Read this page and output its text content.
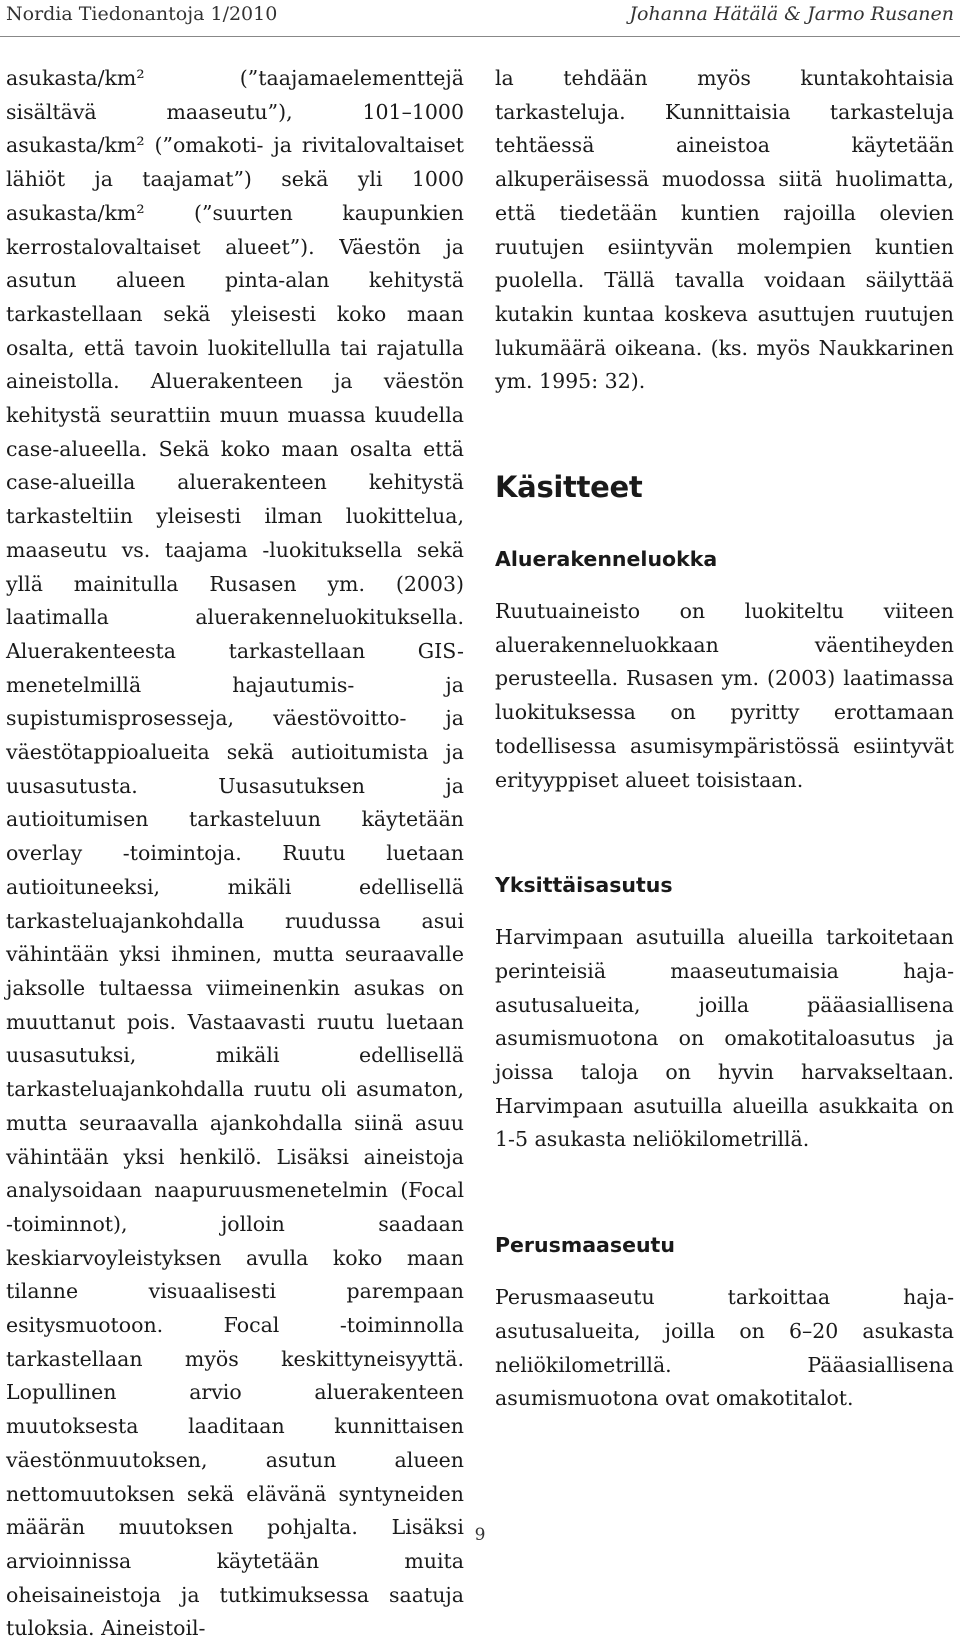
Nordia Tiedonantoja 1/2010	Johanna Hätälä & Jarmo Rusanen

asukasta/km² (”taajamaelementtejä sisältävä maaseutu”), 101–1000 asukasta/km² (”omakoti- ja rivitalovaltaiset lähiöt ja taajamat”) sekä yli 1000 asukasta/km² (”suurten kaupunkien kerrostalovaltaiset alueet”). Väestön ja asutun alueen pinta-alan kehitystä tarkastellaan sekä yleisesti koko maan osalta, että tavoin luokitellulla tai rajatulla aineistolla. Aluerakenteen ja väestön kehitystä seurattiin muun muassa kuudella case-alueella. Sekä koko maan osalta että case-alueilla aluerakenteen kehitystä tarkasteltiin yleisesti ilman luokittelua, maaseutu vs. taajama -luokituksella sekä yllä mainitulla Rusasen ym. (2003) laatimalla aluerakenneluokituksella. Aluerakenteesta tarkastellaan GIS-menetelmillä hajautumis- ja supistumisprosesseja, väestövoitto- ja väestötappioalueita sekä autioitumista ja uusasutusta. Uusasutuksen ja autioitumisen tarkasteluun käytetään overlay -toimintoja. Ruutu luetaan autioituneeksi, mikäli edellisellä tarkasteluajankohdalla ruudussa asui vähintään yksi ihminen, mutta seuraavalle jaksolle tultaessa viimeinenkin asukas on muuttanut pois. Vastaavasti ruutu luetaan uusasutuksi, mikäli edellisellä tarkasteluajankohdalla ruutu oli asumaton, mutta seuraavalla ajankohdalla siinä asuu vähintään yksi henkilö. Lisäksi aineistoja analysoidaan naapuruusmenetelmin (Focal -toiminnot), jolloin saadaan keskiarvoyleistyksen avulla koko maan tilanne visuaalisesti parempaan esitysmuotoon. Focal -toiminnolla tarkastellaan myös keskittyneisyyttä. Lopullinen arvio aluerakenteen muutoksesta laaditaan kunnittaisen väestönmuutoksen, asutun alueen nettomuutoksen sekä elävänä syntyneiden määrän muutoksen pohjalta. Lisäksi arvioinnissa käytetään muita oheisaineistoja ja tutkimuksessa saatuja tuloksia. Aineistoil-

la tehdään myös kuntakohtaisia tarkasteluja. Kunnittaisia tarkasteluja tehtäessä aineistoa käytetään alkuperäisessä muodossa siitä huolimatta, että tiedetään kuntien rajoilla olevien ruutujen esiintyvän molempien kuntien puolella. Tällä tavalla voidaan säilyttää kutakin kuntaa koskeva asuttujen ruutujen lukumäärä oikeana. (ks. myös Naukkarinen ym. 1995: 32).

Käsitteet
Aluerakenneluokka

Ruutuaineisto on luokiteltu viiteen aluerakenneluokkaan väentiheyden perusteella. Rusasen ym. (2003) laatimassa luokituksessa on pyritty erottamaan todellisessa asumisympäristössä esiintyvät erityyppiset alueet toisistaan.

Yksittäisasutus

Harvimpaan asutuilla alueilla tarkoitetaan perinteisiä maaseutumaisia haja-asutusalueita, joilla pääasiallisena asumismuotona on omakotitaloasutus ja joissa taloja on hyvin harvakseltaan. Harvimpaan asutuilla alueilla asukkaita on 1-5 asukasta neliökilometrillä.

Perusmaaseutu

Perusmaaseutu tarkoittaa haja-asutusalueita, joilla on 6–20 asukasta neliökilometrillä. Pääasiallisena asumismuotona ovat omakotitalot.

9
